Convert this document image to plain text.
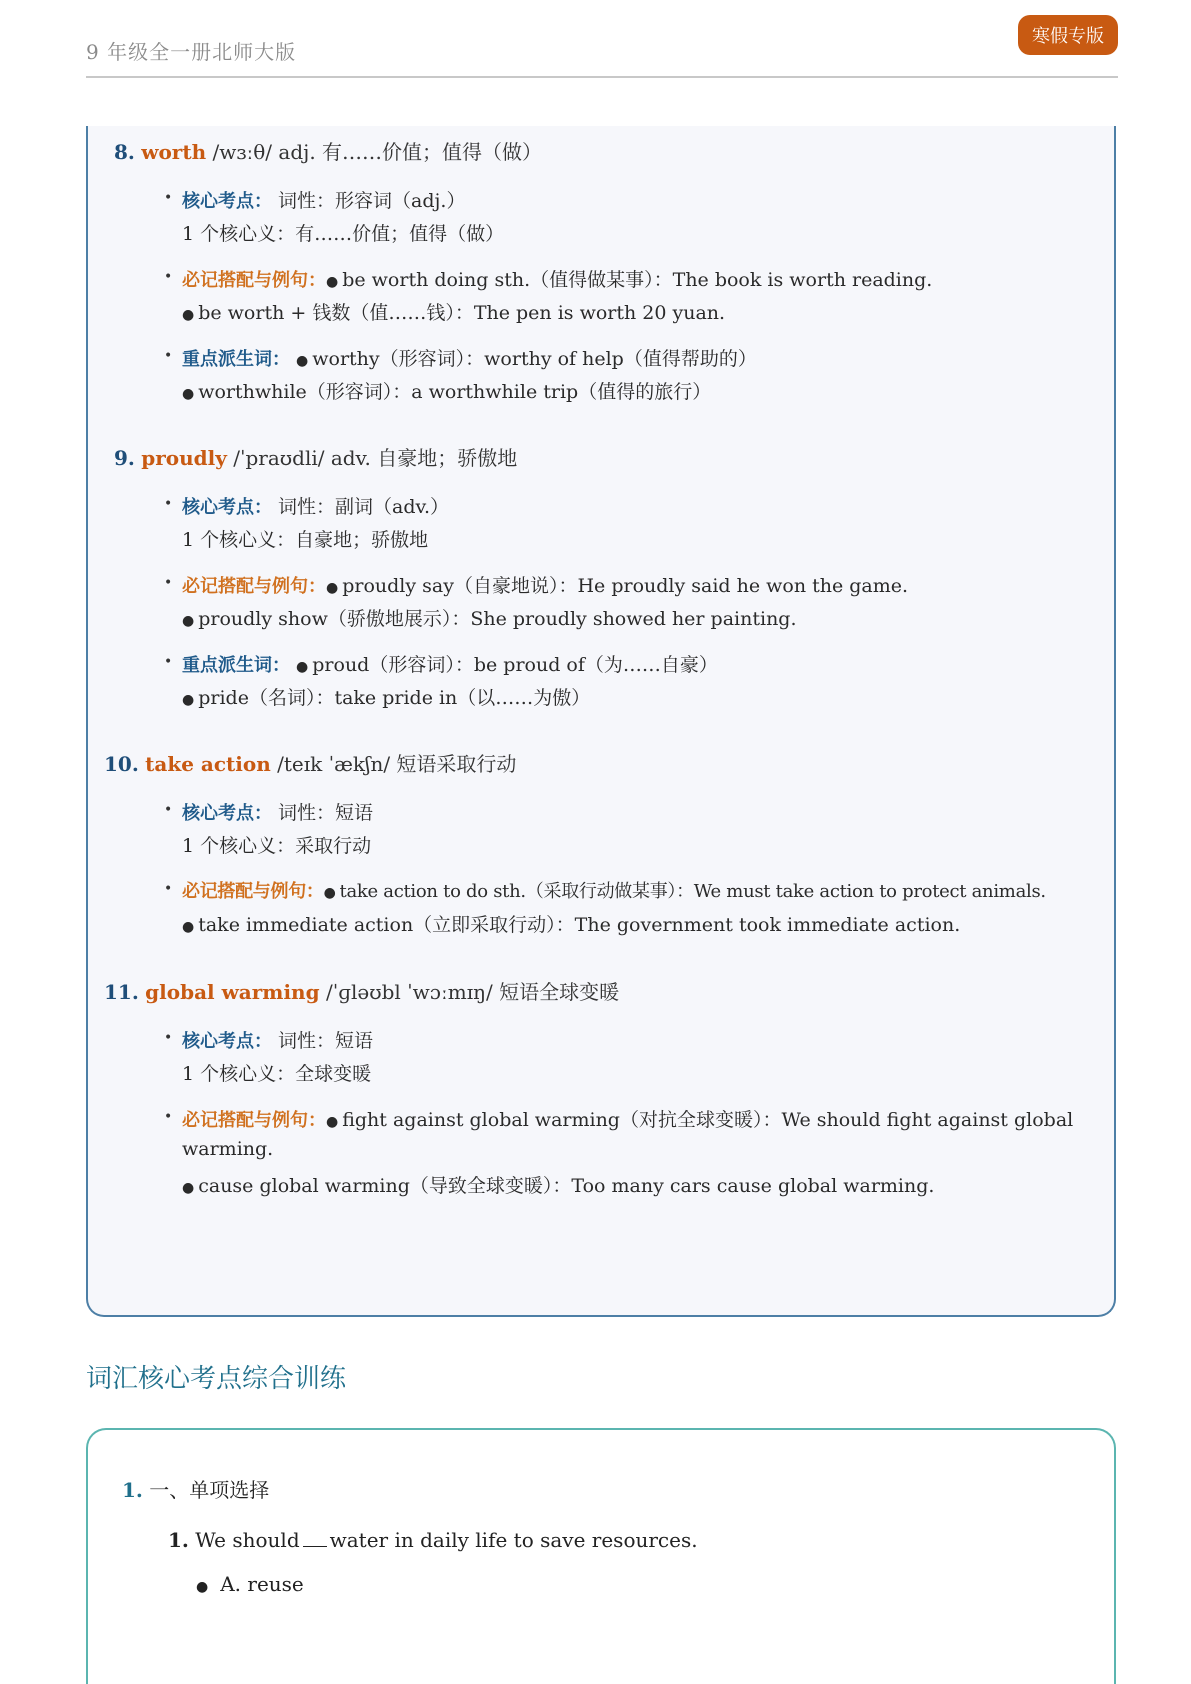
9 年级全一册北师大版
寒假专版
8. worth /wɜːθ/ adj. 有……价值；值得（做）
• 核心考点： 词性：形容词（adj.）
1 个核心义：有……价值；值得（做）
• 必记搭配与例句：● be worth doing sth.（值得做某事）：The book is worth reading.
● be worth + 钱数（值……钱）：The pen is worth 20 yuan.
• 重点派生词： ● worthy（形容词）：worthy of help（值得帮助的）
● worthwhile（形容词）：a worthwhile trip（值得的旅行）
9. proudly /ˈpraʊdli/ adv. 自豪地；骄傲地
• 核心考点： 词性：副词（adv.）
1 个核心义：自豪地；骄傲地
• 必记搭配与例句：● proudly say（自豪地说）：He proudly said he won the game.
● proudly show（骄傲地展示）：She proudly showed her painting.
• 重点派生词： ● proud（形容词）：be proud of（为……自豪）
● pride（名词）：take pride in（以……为傲）
10. take action /teɪk ˈækʃn/ 短语采取行动
• 核心考点： 词性：短语
1 个核心义：采取行动
• 必记搭配与例句：● take action to do sth.（采取行动做某事）：We must take action to protect animals.
● take immediate action（立即采取行动）：The government took immediate action.
11. global warming /ˈɡləʊbl ˈwɔːmɪŋ/ 短语全球变暖
• 核心考点： 词性：短语
1 个核心义：全球变暖
• 必记搭配与例句：● fight against global warming（对抗全球变暖）：We should fight against global
warming.
● cause global warming（导致全球变暖）：Too many cars cause global warming.
词汇核心考点综合训练
1. 一、单项选择
1. We should water in daily life to save resources.
● A. reuse
